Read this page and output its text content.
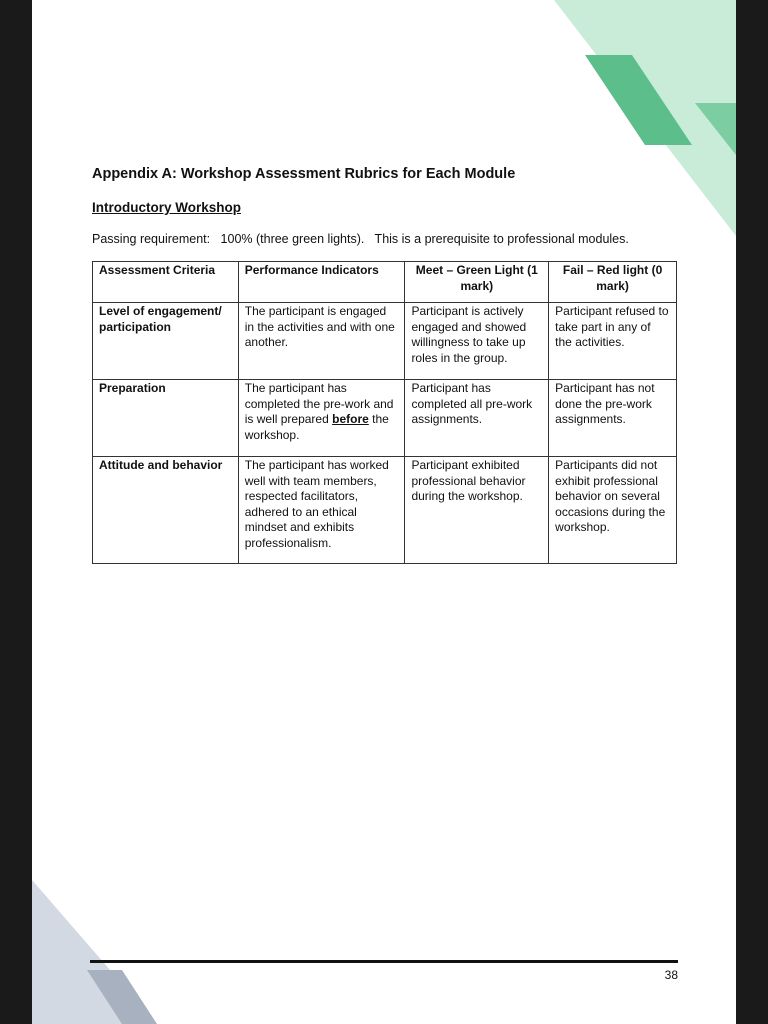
Appendix A: Workshop Assessment Rubrics for Each Module
Introductory Workshop

Passing requirement:   100% (three green lights).   This is a prerequisite to professional modules.

Assessment Criteria	Performance Indicators	Meet – Green Light (1 mark)	Fail – Red light (0 mark)
Level of engagement/ participation	The participant is engaged in the activities and with one another.	Participant is actively engaged and showed willingness to take up roles in the group.	Participant refused to take part in any of the activities.
Preparation	The participant has completed the pre-work and is well prepared before the workshop.	Participant has completed all pre-work assignments.	Participant has not done the pre-work assignments.
Attitude and behavior	The participant has worked well with team members, respected facilitators, adhered to an ethical mindset and exhibits professionalism.	Participant exhibited professional behavior during the workshop.	Participants did not exhibit professional behavior on several occasions during the workshop.

38
